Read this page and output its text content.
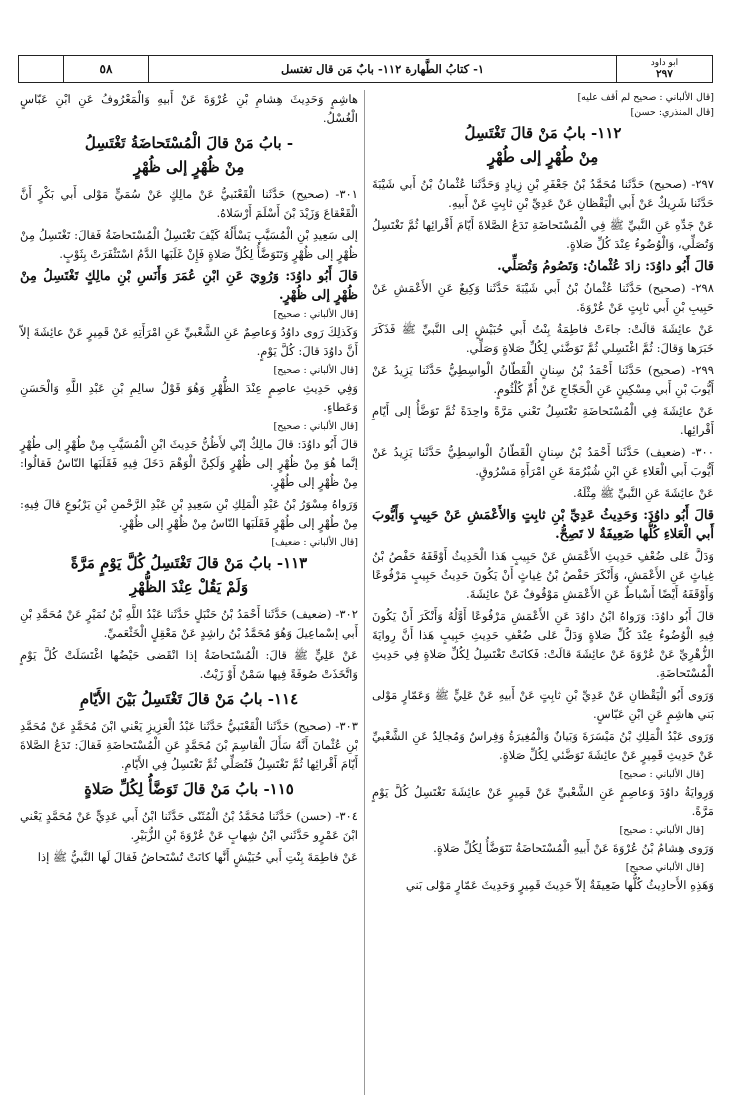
٥٨	١- كتابُ الطَّهارة ١١٢- بابٌ مَن قال تغتسل	ابو داود
٢٩٧
[قال الألباني : صحيح لم أقف عليه]
[قال المنذري: حسن]
١١٢- بابُ مَنْ قالَ تَغْتَسِلُ
مِنْ طُهْرٍ إلى طُهْرٍ

٢٩٧- (صحيح) حَدَّثَنا مُحَمَّدُ بْنُ جَعْفَرِ بْنِ زِيادٍ وَحَدَّثَنا عُثْمانُ بْنُ أَبي شَيْبَةَ حَدَّثَنا شَرِيكٌ عَنْ أَبي الْيَقْظانِ عَنْ عَدِيِّ بْنِ ثابِتٍ عَنْ أَبيهِ.

عَنْ جَدِّهِ عَنِ النَّبيِّ ﷺ فِي الْمُسْتَحاضَةِ تَدَعُ الصَّلاةَ أَيّامَ أَقْرائِها ثُمَّ تَغْتَسِلُ وَتُصَلِّي، وَالْوُضُوءُ عِنْدَ كُلِّ صَلاةٍ.

قالَ أَبُو داوُدَ: زادَ عُثْمانُ: وَتَصُومُ وَتُصَلِّي.

٢٩٨- (صحيح) حَدَّثَنا عُثْمانُ بْنُ أَبي شَيْبَةَ حَدَّثَنا وَكِيعٌ عَنِ الأَعْمَشِ عَنْ حَبِيبِ بْنِ أَبي ثابِتٍ عَنْ عُرْوَةَ.

عَنْ عائِشَةَ قالَتْ: جاءَتْ فاطِمَةُ بِنْتُ أَبي حُبَيْشٍ إلى النَّبيِّ ﷺ فَذَكَرَ خَبَرَها وَقالَ: ثُمَّ اغْتَسِلي ثُمَّ تَوَضَّئي لِكُلِّ صَلاةٍ وَصَلِّي.

٢٩٩- (صحيح) حَدَّثَنا أَحْمَدُ بْنُ سِنانٍ الْقَطّانُ الْواسِطِيُّ حَدَّثَنا يَزِيدُ عَنْ أَيُّوبَ بْنِ أَبي مِسْكِينٍ عَنِ الْحَجّاجِ عَنْ أُمِّ كُلْثُومٍ.

عَنْ عائِشَةَ فِي الْمُسْتَحاضَةِ تَغْتَسِلُ تَعْني مَرَّةً واحِدَةً ثُمَّ تَوَضَّأُ إلى أَيّامِ أَقْرائِها.

٣٠٠- (ضعيف) حَدَّثَنا أَحْمَدُ بْنُ سِنانٍ الْقَطّانُ الْواسِطِيُّ حَدَّثَنا يَزِيدُ عَنْ أَيُّوبَ أَبي الْعَلاءِ عَنِ ابْنِ شُبْرُمَةَ عَنِ امْرَأَةِ مَسْرُوقٍ.

عَنْ عائِشَةَ عَنِ النَّبيِّ ﷺ مِثْلَهُ.

قالَ أَبُو داوُدَ: وَحَدِيثُ عَدِيِّ بْنِ ثابِتٍ وَالأَعْمَشِ عَنْ حَبِيبٍ وَأَيُّوبَ أَبي الْعَلاءِ كُلُّها ضَعِيفَةٌ لا تَصِحُّ.

وَدَلَّ عَلى ضُعْفِ حَدِيثِ الأَعْمَشِ عَنْ حَبِيبٍ هَذا الْحَدِيثُ أَوْقَفَهُ حَفْصُ بْنُ غِياثٍ عَنِ الأَعْمَشِ، وَأَنْكَرَ حَفْصُ بْنُ غِياثٍ أَنْ يَكُونَ حَدِيثُ حَبِيبٍ مَرْفُوعًا وَأَوْقَفَهُ أَيْضًا أَسْباطٌ عَنِ الأَعْمَشِ مَوْقُوفٌ عَنْ عائِشَةَ.

قالَ أَبُو داوُدَ: وَرَواهُ ابْنُ داوُدَ عَنِ الأَعْمَشِ مَرْفُوعًا أَوَّلُهُ وَأَنْكَرَ أَنْ يَكُونَ فِيهِ الْوُضُوءُ عِنْدَ كُلِّ صَلاةٍ وَدَلَّ عَلى ضُعْفِ حَدِيثِ حَبِيبٍ هَذا أَنَّ رِوايَةَ الزُّهْرِيِّ عَنْ عُرْوَةَ عَنْ عائِشَةَ قالَتْ: فَكانَتْ تَغْتَسِلُ لِكُلِّ صَلاةٍ فِي حَدِيثِ الْمُسْتَحاضَةِ.

وَرَوى أَبُو الْيَقْظانِ عَنْ عَدِيِّ بْنِ ثابِتٍ عَنْ أَبيهِ عَنْ عَلِيٍّ ﷺ وَعَمّارٍ مَوْلى بَني هاشِمٍ عَنِ ابْنِ عَبّاسٍ.

وَرَوى عَبْدُ الْمَلِكِ بْنُ مَيْسَرَةَ وَبَيانٌ وَالْمُغِيرَةُ وَفِراسٌ وَمُجالِدٌ عَنِ الشَّعْبيِّ عَنْ حَدِيثِ قَمِيرٍ عَنْ عائِشَةَ تَوَضَّئي لِكُلِّ صَلاةٍ.

[قال الألباني : صحيح]

وَرِوايَةُ داوُدَ وَعاصِمٍ عَنِ الشَّعْبيِّ عَنْ قَمِيرٍ عَنْ عائِشَةَ تَغْتَسِلُ كُلَّ يَوْمٍ مَرَّةً.

[قال الألباني : صحيح]

وَرَوى هِشامُ بْنُ عُرْوَةَ عَنْ أَبيهِ الْمُسْتَحاضَةُ تَتَوَضَّأُ لِكُلِّ صَلاةٍ.

[قال الألباني صحيح]

وَهَذِهِ الأَحادِيثُ كُلُّها ضَعِيفَةٌ إلاّ حَدِيثَ قَمِيرٍ وَحَدِيثَ عَمّارٍ مَوْلى بَني

هاشِمٍ وَحَدِيثَ هِشامِ بْنِ عُرْوَةَ عَنْ أَبيهِ وَالْمَعْرُوفُ عَنِ ابْنِ عَبّاسٍ الْغُسْلُ.

- بابُ مَنْ قالَ الْمُسْتَحاضَةُ تَغْتَسِلُ
مِنْ ظُهْرٍ إلى ظُهْرٍ

٣٠١- (صحيح) حَدَّثَنا الْقَعْنَبيُّ عَنْ مالِكٍ عَنْ سُمَيٍّ مَوْلى أَبي بَكْرٍ أَنَّ الْقَعْقاعَ وَزَيْدَ بْنَ أَسْلَمَ أَرْسَلاهُ.

إلى سَعِيدِ بْنِ الْمُسَيَّبِ يَسْأَلُهُ كَيْفَ تَغْتَسِلُ الْمُسْتَحاضَةُ فَقالَ: تَغْتَسِلُ مِنْ ظُهْرٍ إلى ظُهْرٍ وَتَتَوَضَّأُ لِكُلِّ صَلاةٍ فَإِنْ غَلَبَها الدَّمُ اسْتَثْفَرَتْ بِثَوْبٍ.

قالَ أَبُو داوُدَ: وَرُوِيَ عَنِ ابْنِ عُمَرَ وَأَنَسِ بْنِ مالِكٍ تَغْتَسِلُ مِنْ ظُهْرٍ إلى ظُهْرٍ.

[قال الألباني : صحيح]

وَكَذلِكَ رَوى داوُدُ وَعاصِمٌ عَنِ الشَّعْبيِّ عَنِ امْرَأَتِهِ عَنْ قَمِيرٍ عَنْ عائِشَةَ إلاّ أَنَّ داوُدَ قالَ: كُلَّ يَوْمٍ.

[قال الألباني : صحيح]

وَفِي حَدِيثِ عاصِمٍ عِنْدَ الظُّهْرِ وَهُوَ قَوْلُ سالِمِ بْنِ عَبْدِ اللَّهِ وَالْحَسَنِ وَعَطاءٍ.

[قال الألباني : صحيح]

قالَ أَبُو داوُدَ: قالَ مالِكٌ إنّي لأَظُنُّ حَدِيثَ ابْنِ الْمُسَيَّبِ مِنْ طُهْرٍ إلى طُهْرٍ إنَّما هُوَ مِنْ ظُهْرٍ إلى ظُهْرٍ وَلَكِنَّ الْوَهْمَ دَخَلَ فِيهِ فَقَلَبَها النّاسُ فَقالُوا: مِنْ ظُهْرٍ إلى طُهْرٍ.

وَرَواهُ مِسْوَرُ بْنُ عَبْدِ الْمَلِكِ بْنِ سَعِيدِ بْنِ عَبْدِ الرَّحْمنِ بْنِ يَرْبُوعٍ قالَ فِيهِ: مِنْ طُهْرٍ إلى طُهْرٍ فَقَلَبَها النّاسُ مِنْ ظُهْرٍ إلى ظُهْرٍ.

[قال الألباني : ضعيف]
١١٣- بابُ مَنْ قالَ تَغْتَسِلُ كُلَّ يَوْمٍ مَرَّةً
وَلَمْ يَقُلْ عِنْدَ الظُّهْرِ

٣٠٢- (ضعيف) حَدَّثَنا أَحْمَدُ بْنُ حَنْبَلٍ حَدَّثَنا عَبْدُ اللَّهِ بْنُ نُمَيْرٍ عَنْ مُحَمَّدِ بْنِ أَبي إسْماعِيلَ وَهُوَ مُحَمَّدُ بْنُ راشِدٍ عَنْ مَعْقِلٍ الْخَثْعَميِّ.

عَنْ عَلِيٍّ ﷺ قالَ: الْمُسْتَحاضَةُ إذا انْقَضى حَيْضُها اغْتَسَلَتْ كُلَّ يَوْمٍ وَاتَّخَذَتْ صُوفَةً فِيها سَمْنٌ أَوْ زَيْتٌ.

١١٤- بابُ مَنْ قالَ تَغْتَسِلُ بَيْنَ الأَيّامِ

٣٠٣- (صحيح) حَدَّثَنا الْقَعْنَبيُّ حَدَّثَنا عَبْدُ الْعَزِيزِ يَعْني ابْنَ مُحَمَّدٍ عَنْ مُحَمَّدِ بْنِ عُثْمانَ أَنَّهُ سَأَلَ الْقاسِمَ بْنَ مُحَمَّدٍ عَنِ الْمُسْتَحاضَةِ فَقالَ: تَدَعُ الصَّلاةَ أَيّامَ أَقْرائِها ثُمَّ تَغْتَسِلُ فَتُصَلِّي ثُمَّ تَغْتَسِلُ فِي الأَيّامِ.

١١٥- بابُ مَنْ قالَ تَوَضَّأُ لِكُلِّ صَلاةٍ

٣٠٤- (حسن) حَدَّثَنا مُحَمَّدُ بْنُ الْمُثَنّى حَدَّثَنا ابْنُ أَبي عَدِيٍّ عَنْ مُحَمَّدٍ يَعْني ابْنَ عَمْرٍو حَدَّثَني ابْنُ شِهابٍ عَنْ عُرْوَةَ بْنِ الزُّبَيْرِ.

عَنْ فاطِمَةَ بِنْتِ أَبي حُبَيْشٍ أَنَّها كانَتْ تُسْتَحاضُ فَقالَ لَها النَّبيُّ ﷺ إذا
